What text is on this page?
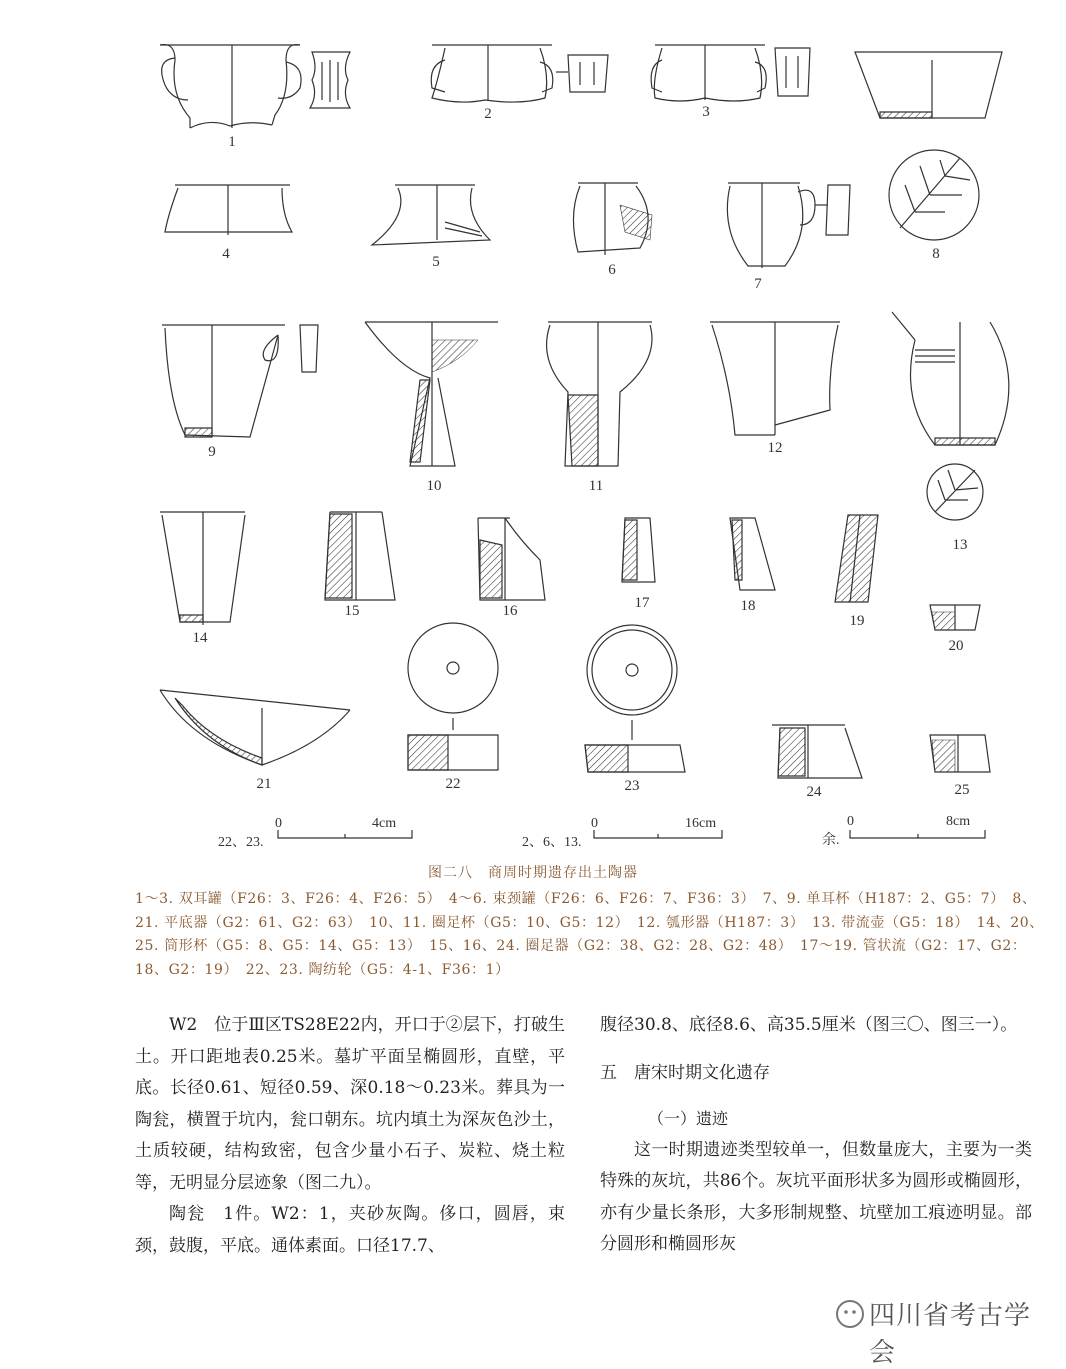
1
2	3
4	5	6
7
8
9
10	11
12
13
14
15	16	17	18
19
20
21	22	23	24	25
22、23.
0	4cm
2、6、13.
0	16cm
余.
0	8cm
图二八　商周时期遗存出土陶器
1～3. 双耳罐（F26：3、F26：4、F26：5）　4～6. 束颈罐（F26：6、F26：7、F36：3）　7、9. 单耳杯（H187：2、G5：7）　8、21. 平底器（G2：61、G2：63）　10、11. 圈足杯（G5：10、G5：12）　12. 瓠形器（H187：3）　13. 带流壶（G5：18）　14、20、25. 筒形杯（G5：8、G5：14、G5：13）　15、16、24. 圈足器（G2：38、G2：28、G2：48）　17～19. 管状流（G2：17、G2：18、G2：19）　22、23. 陶纺轮（G5：4-1、F36：1）

W2　位于Ⅲ区TS28E22内，开口于②层下，打破生土。开口距地表0.25米。墓圹平面呈椭圆形，直壁，平底。长径0.61、短径0.59、深0.18～0.23米。葬具为一陶瓮，横置于坑内，瓮口朝东。坑内填土为深灰色沙土，土质较硬，结构致密，包含少量小石子、炭粒、烧土粒等，无明显分层迹象（图二九）。

陶瓮　1件。W2：1，夹砂灰陶。侈口，圆唇，束颈，鼓腹，平底。通体素面。口径17.7、

腹径30.8、底径8.6、高35.5厘米（图三〇、图三一）。

五　唐宋时期文化遗存

（一）遗迹

这一时期遗迹类型较单一，但数量庞大，主要为一类特殊的灰坑，共86个。灰坑平面形状多为圆形或椭圆形，亦有少量长条形，大多形制规整、坑壁加工痕迹明显。部分圆形和椭圆形灰

四川省考古学会
